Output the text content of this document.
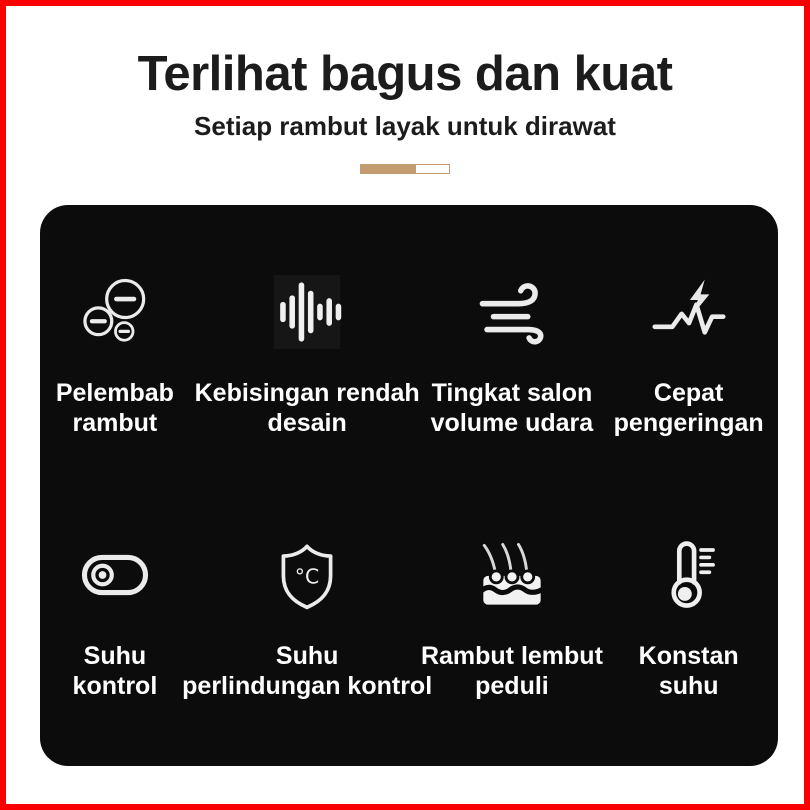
Terlihat bagus dan kuat
Setiap rambut layak untuk dirawat
Pelembab
rambut
Kebisingan rendah
desain
Tingkat salon
volume udara
Cepat
pengeringan
Suhu
kontrol
°C
Suhu
perlindungan kontrol
Rambut lembut
peduli
Konstan
suhu
